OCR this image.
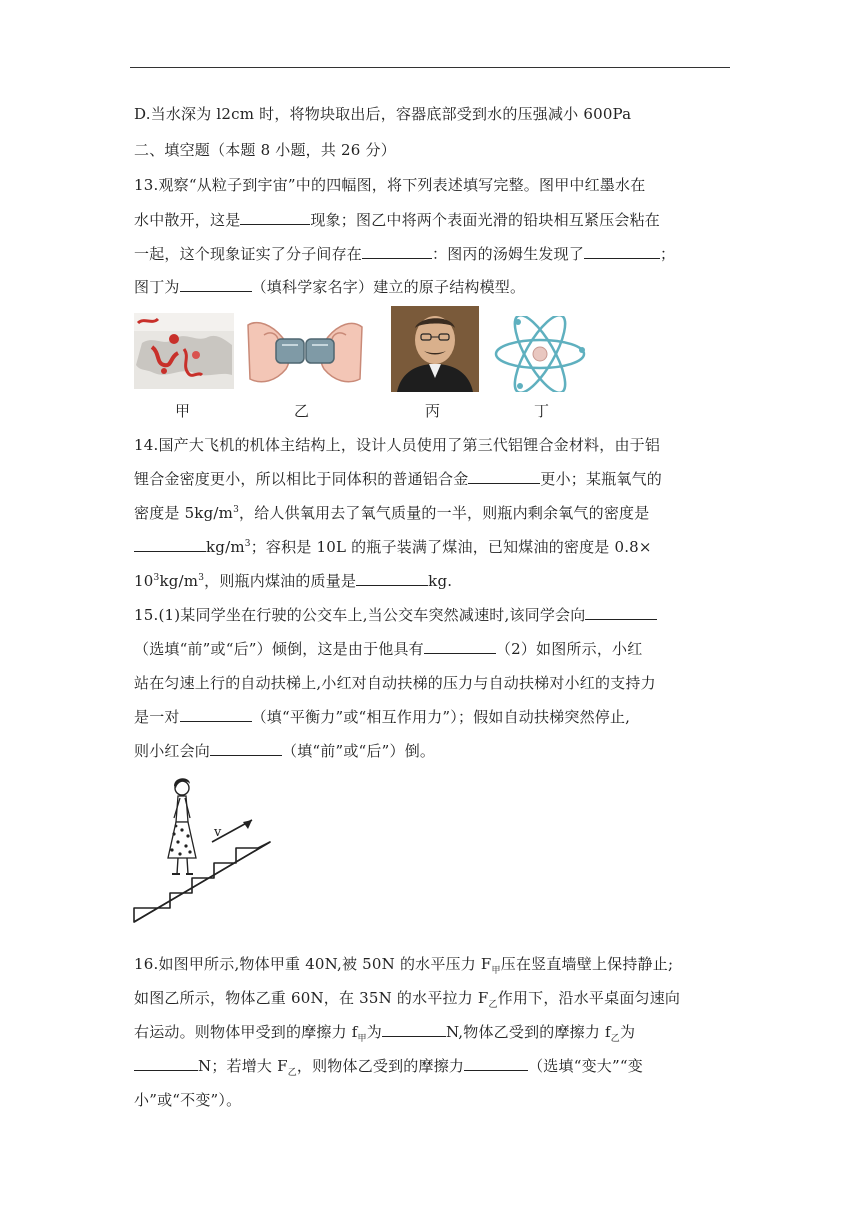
D.当水深为 l2cm 时，将物块取出后，容器底部受到水的压强减小 600Pa
二、填空题（本题 8 小题，共 26 分）
13.观察“从粒子到宇宙”中的四幅图，将下列表述填写完整。图甲中红墨水在
水中散开，这是	现象；图乙中将两个表面光滑的铅块相互紧压会粘在
一起，这个现象证实了分子间存在	：图丙的汤姆生发现了	；
图丁为	（填科学家名字）建立的原子结构模型。
甲	乙	丙	丁
14.国产大飞机的机体主结构上，设计人员使用了第三代铝锂合金材料，由于铝
锂合金密度更小，所以相比于同体积的普通铝合金	更小；某瓶氧气的
密度是 $5kg/m^3$，给人供氧用去了氧气质量的一半，则瓶内剩余氧气的密度是
$kg/m^3$；容积是 10L 的瓶子装满了煤油，已知煤油的密度是 0.8×
$10^3kg/m^3$，则瓶内煤油的质量是	kg.
15.(1)某同学坐在行驶的公交车上,当公交车突然减速时,该同学会向
（选填“前”或“后”）倾倒，这是由于他具有	（2）如图所示，小红
站在匀速上行的自动扶梯上,小红对自动扶梯的压力与自动扶梯对小红的支持力
是一对	（填“平衡力”或“相互作用力”）；假如自动扶梯突然停止,
则小红会向	（填“前”或“后”）倒。
v
16.如图甲所示,物体甲重 40N,被 50N 的水平压力 $F_甲$压在竖直墙壁上保持静止;
如图乙所示，物体乙重 60N，在 35N 的水平拉力 $F_乙$作用下，沿水平桌面匀速向
右运动。则物体甲受到的摩擦力 $f_甲$为	N,物体乙受到的摩擦力 $f_乙$为
N；若增大 $F_乙$，则物体乙受到的摩擦力	（选填“变大”“变
小”或“不变”）。
